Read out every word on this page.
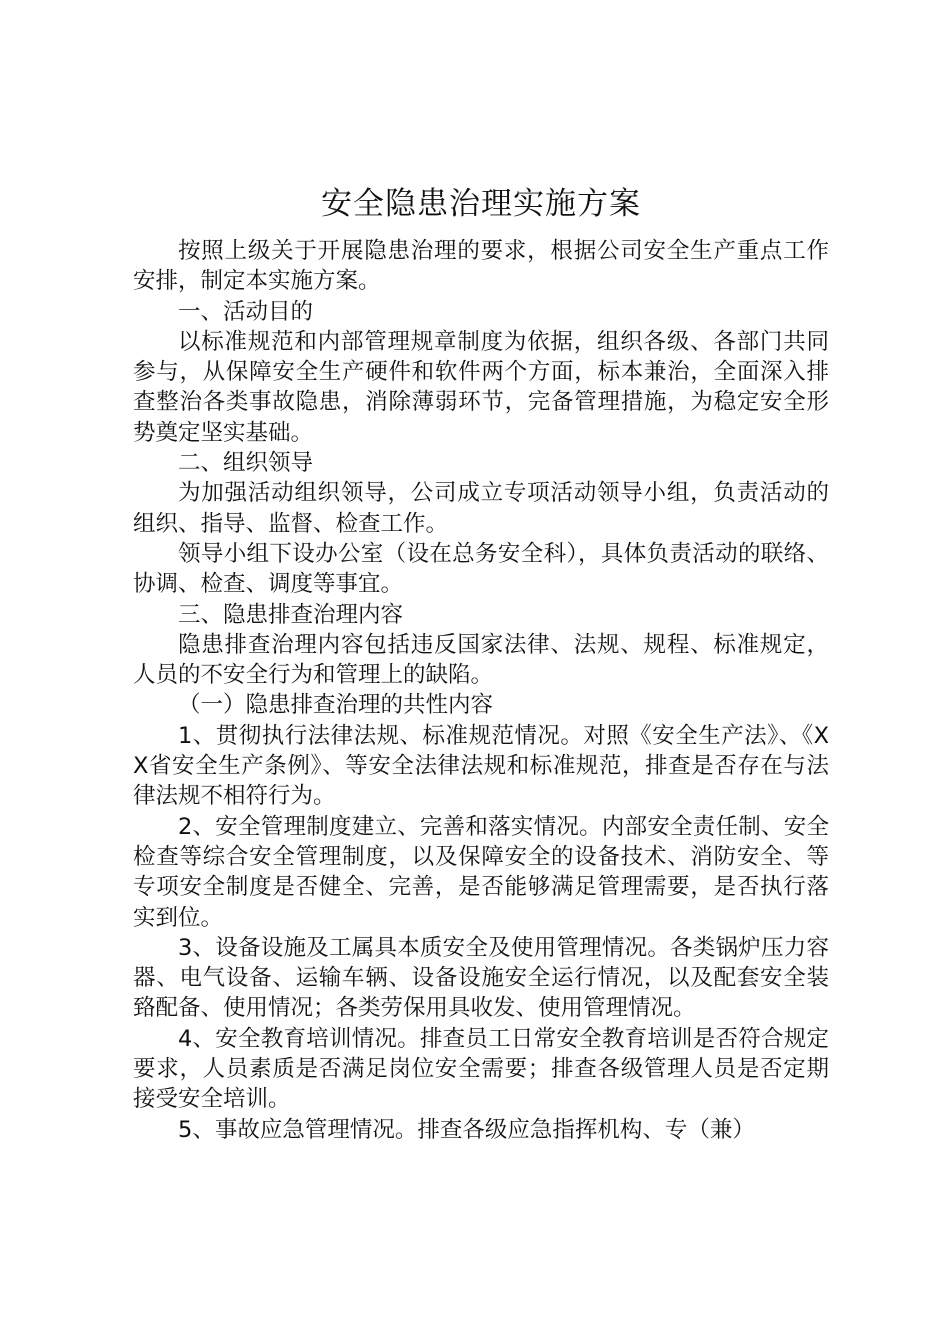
安全隐患治理实施方案

按照上级关于开展隐患治理的要求，根据公司安全生产重点工作安排，制定本实施方案。

一、活动目的

以标准规范和内部管理规章制度为依据，组织各级、各部门共同参与，从保障安全生产硬件和软件两个方面，标本兼治，全面深入排查整治各类事故隐患，消除薄弱环节，完备管理措施，为稳定安全形势奠定坚实基础。

二、组织领导

为加强活动组织领导，公司成立专项活动领导小组，负责活动的组织、指导、监督、检查工作。

领导小组下设办公室（设在总务安全科），具体负责活动的联络、协调、检查、调度等事宜。

三、隐患排查治理内容

隐患排查治理内容包括违反国家法律、法规、规程、标准规定，人员的不安全行为和管理上的缺陷。

（一）隐患排查治理的共性内容

1、贯彻执行法律法规、标准规范情况。对照《安全生产法》、《XX省安全生产条例》、等安全法律法规和标准规范，排查是否存在与法律法规不相符行为。

2、安全管理制度建立、完善和落实情况。内部安全责任制、安全检查等综合安全管理制度，以及保障安全的设备技术、消防安全、等专项安全制度是否健全、完善，是否能够满足管理需要，是否执行落实到位。

3、设备设施及工属具本质安全及使用管理情况。各类锅炉压力容器、电气设备、运输车辆、设备设施安全运行情况，以及配套安全装臵配备、使用情况；各类劳保用具收发、使用管理情况。

4、安全教育培训情况。排查员工日常安全教育培训是否符合规定要求，人员素质是否满足岗位安全需要；排查各级管理人员是否定期接受安全培训。

5、事故应急管理情况。排查各级应急指挥机构、专（兼）
